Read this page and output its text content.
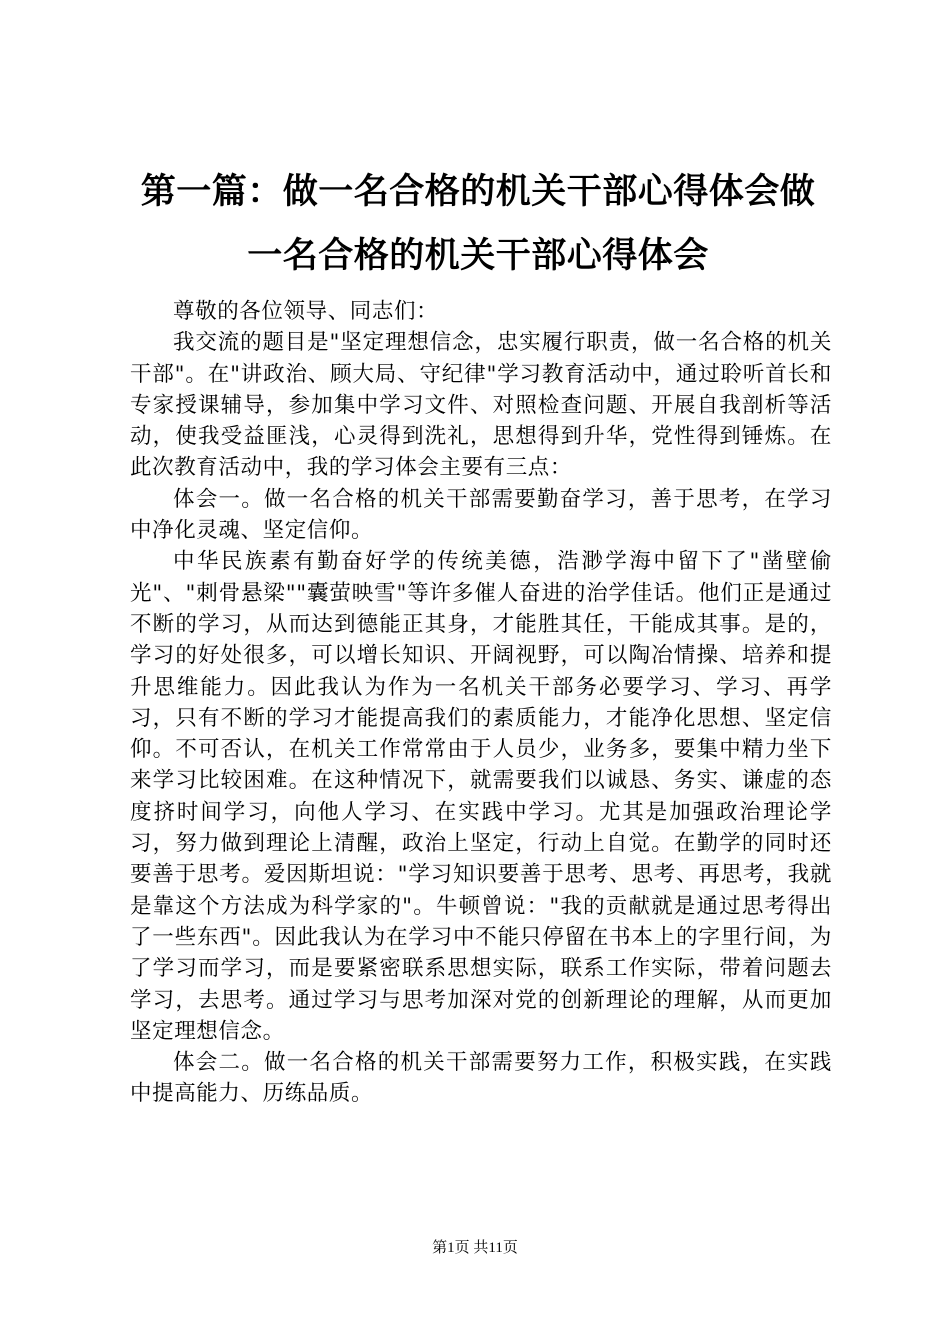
第一篇：做一名合格的机关干部心得体会做一名合格的机关干部心得体会

尊敬的各位领导、同志们：

我交流的题目是"坚定理想信念，忠实履行职责，做一名合格的机关干部"。在"讲政治、顾大局、守纪律"学习教育活动中，通过聆听首长和专家授课辅导，参加集中学习文件、对照检查问题、开展自我剖析等活动，使我受益匪浅，心灵得到洗礼，思想得到升华，党性得到锤炼。在此次教育活动中，我的学习体会主要有三点：

体会一。做一名合格的机关干部需要勤奋学习，善于思考，在学习中净化灵魂、坚定信仰。

中华民族素有勤奋好学的传统美德，浩渺学海中留下了"凿壁偷光"、"刺骨悬梁""囊萤映雪"等许多催人奋进的治学佳话。他们正是通过不断的学习，从而达到德能正其身，才能胜其任，干能成其事。是的，学习的好处很多，可以增长知识、开阔视野，可以陶冶情操、培养和提升思维能力。因此我认为作为一名机关干部务必要学习、学习、再学习，只有不断的学习才能提高我们的素质能力，才能净化思想、坚定信仰。不可否认，在机关工作常常由于人员少，业务多，要集中精力坐下来学习比较困难。在这种情况下，就需要我们以诚恳、务实、谦虚的态度挤时间学习，向他人学习、在实践中学习。尤其是加强政治理论学习，努力做到理论上清醒，政治上坚定，行动上自觉。在勤学的同时还要善于思考。爱因斯坦说："学习知识要善于思考、思考、再思考，我就是靠这个方法成为科学家的"。牛顿曾说："我的贡献就是通过思考得出了一些东西"。因此我认为在学习中不能只停留在书本上的字里行间，为了学习而学习，而是要紧密联系思想实际，联系工作实际，带着问题去学习，去思考。通过学习与思考加深对党的创新理论的理解，从而更加坚定理想信念。

体会二。做一名合格的机关干部需要努力工作，积极实践，在实践中提高能力、历练品质。

第1页 共11页
